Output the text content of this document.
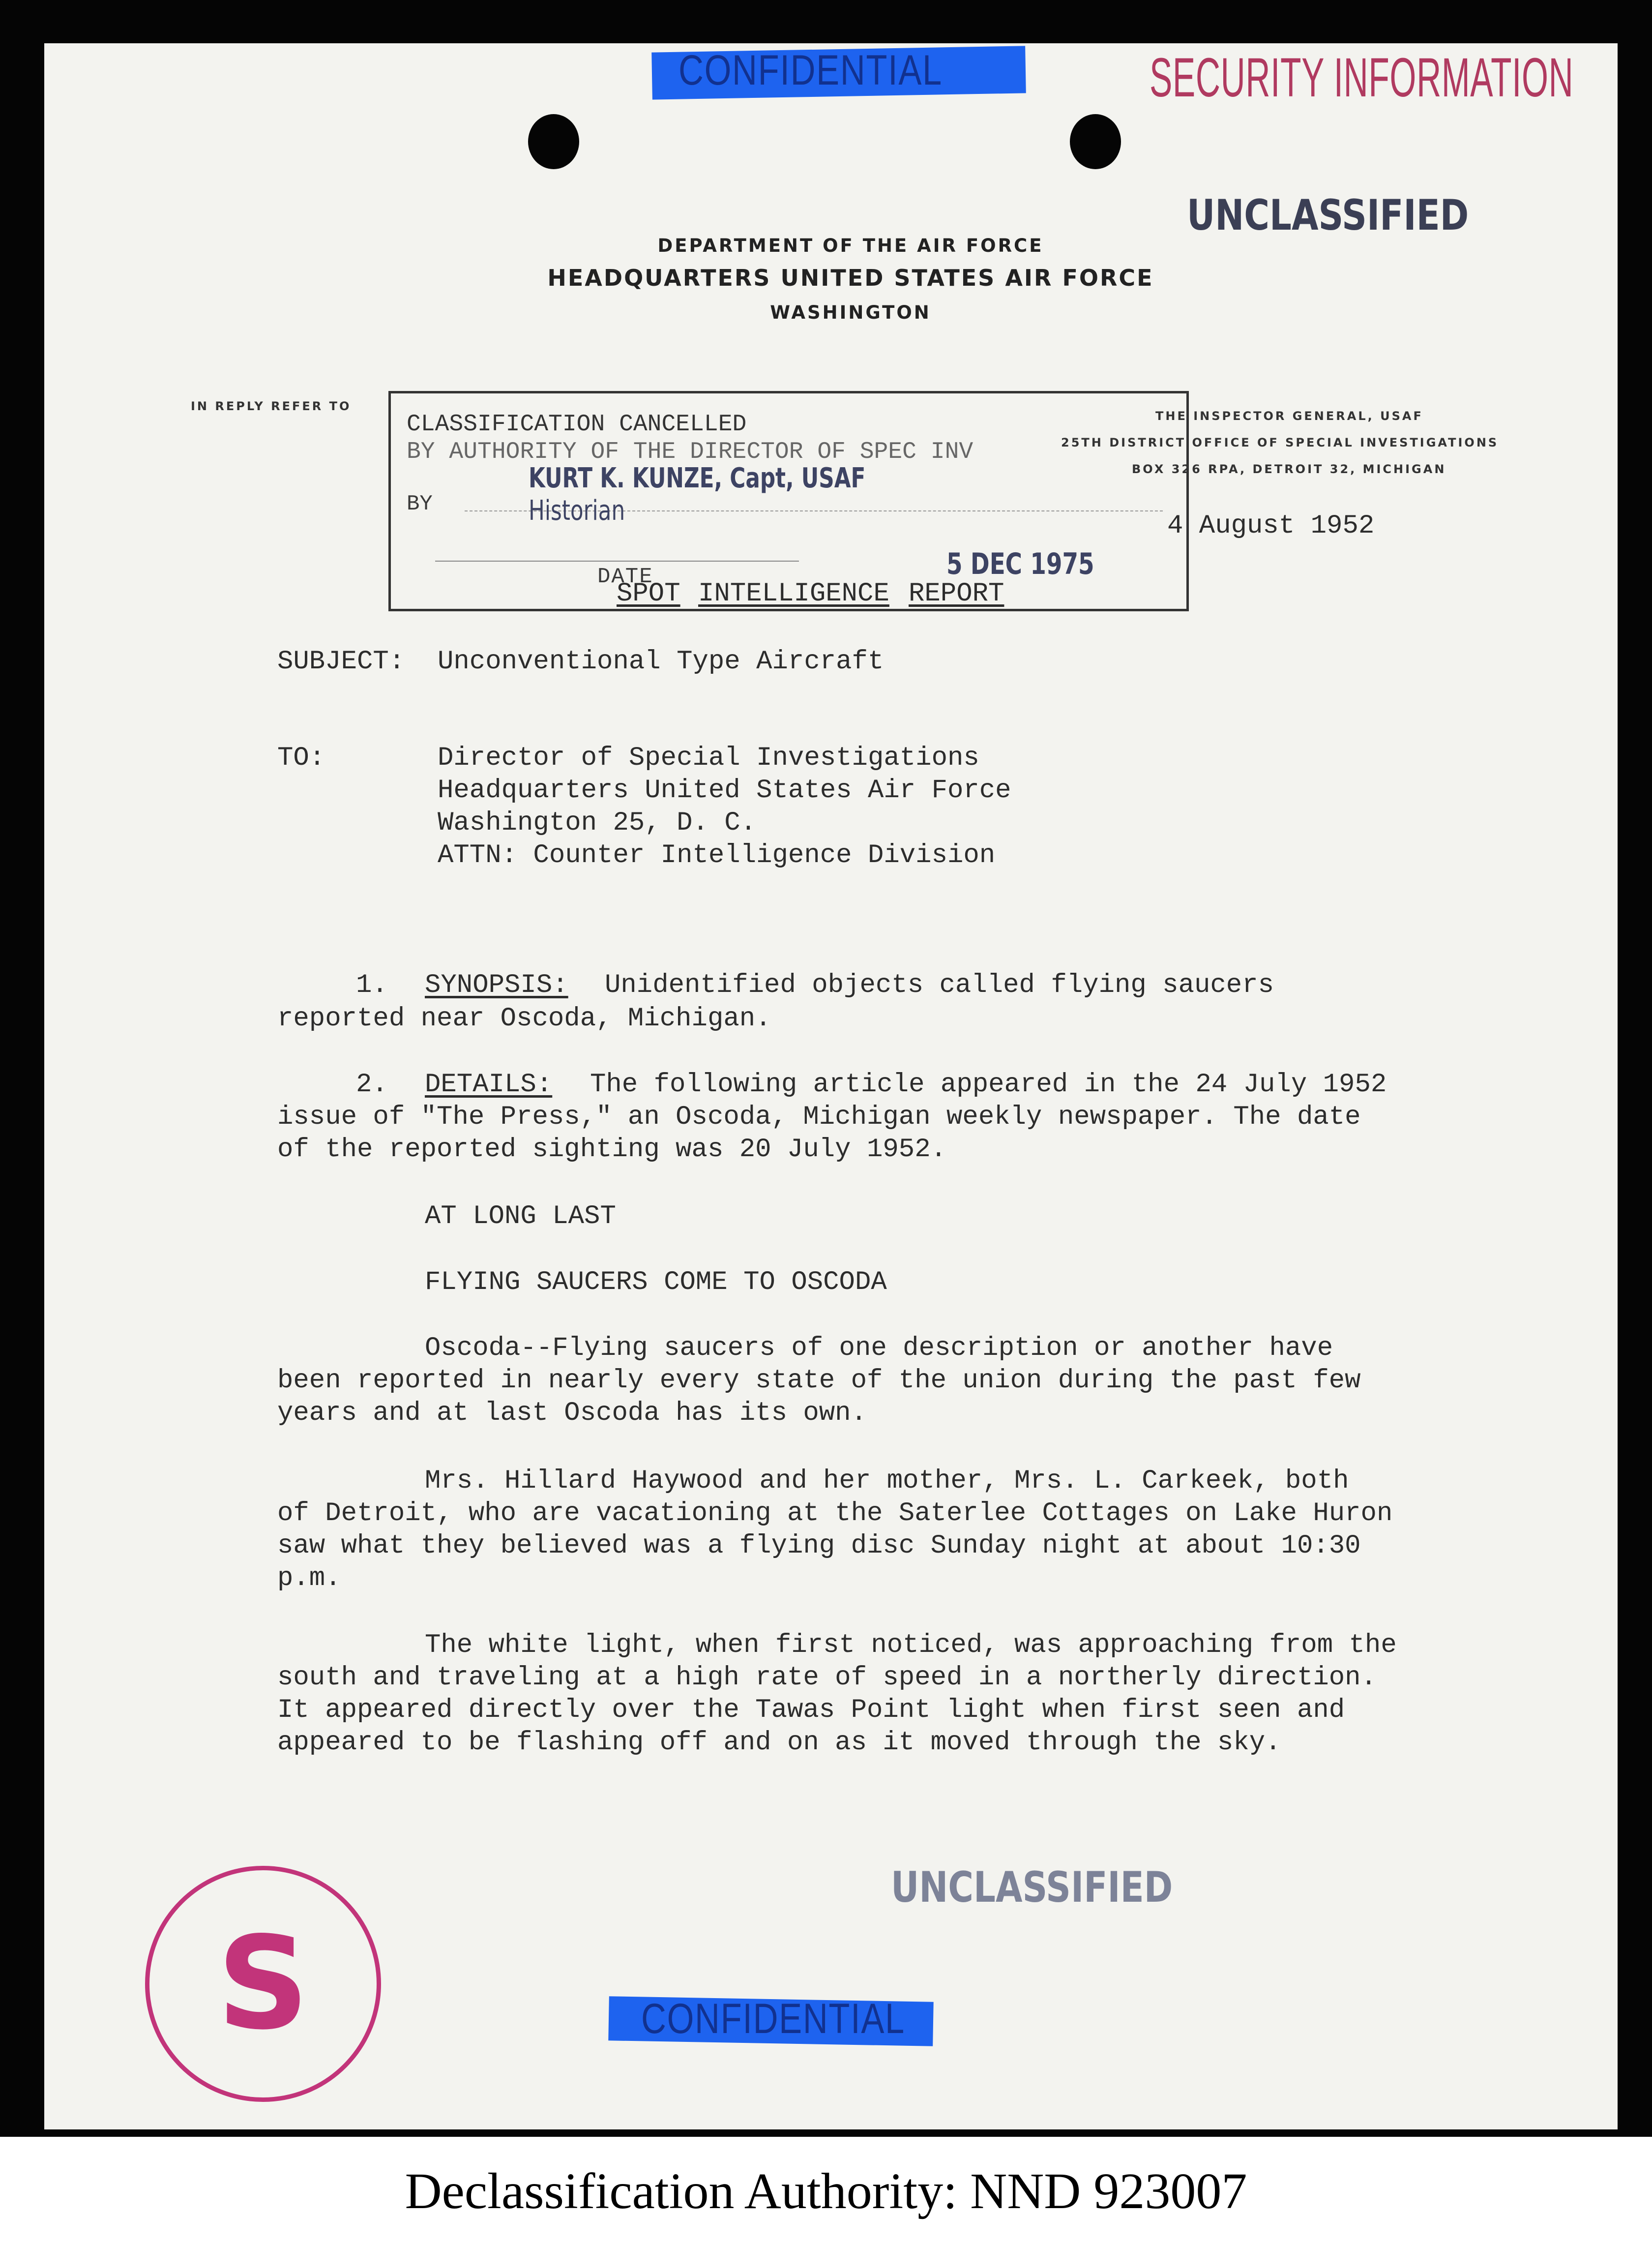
CONFIDENTIAL	SECURITY INFORMATION
UNCLASSIFIED
DEPARTMENT OF THE AIR FORCE
HEADQUARTERS UNITED STATES AIR FORCE
WASHINGTON
IN REPLY REFER TO
CLASSIFICATION CANCELLED
BY AUTHORITY OF THE DIRECTOR OF SPEC INV
BY
KURT K. KUNZE, Capt, USAF
Historian
DATE	5 DEC 1975
THE INSPECTOR GENERAL, USAF
25TH DISTRICT OFFICE OF SPECIAL INVESTIGATIONS
BOX 326 RPA, DETROIT 32, MICHIGAN
4 August 1952
SPOT INTELLIGENCE REPORT
SUBJECT: Unconventional Type Aircraft
TO:	Director of Special Investigations
Headquarters United States Air Force
Washington 25, D. C.
ATTN: Counter Intelligence Division
1. SYNOPSIS: Unidentified objects called flying saucers
reported near Oscoda, Michigan.
2. DETAILS: The following article appeared in the 24 July 1952
issue of "The Press," an Oscoda, Michigan weekly newspaper. The date
of the reported sighting was 20 July 1952.
AT LONG LAST
FLYING SAUCERS COME TO OSCODA
Oscoda--Flying saucers of one description or another have
been reported in nearly every state of the union during the past few
years and at last Oscoda has its own.
Mrs. Hillard Haywood and her mother, Mrs. L. Carkeek, both
of Detroit, who are vacationing at the Saterlee Cottages on Lake Huron
saw what they believed was a flying disc Sunday night at about 10:30
p.m.
The white light, when first noticed, was approaching from the
south and traveling at a high rate of speed in a northerly direction.
It appeared directly over the Tawas Point light when first seen and
appeared to be flashing off and on as it moved through the sky.
UNCLASSIFIED
S	CONFIDENTIAL
Declassification Authority: NND 923007
